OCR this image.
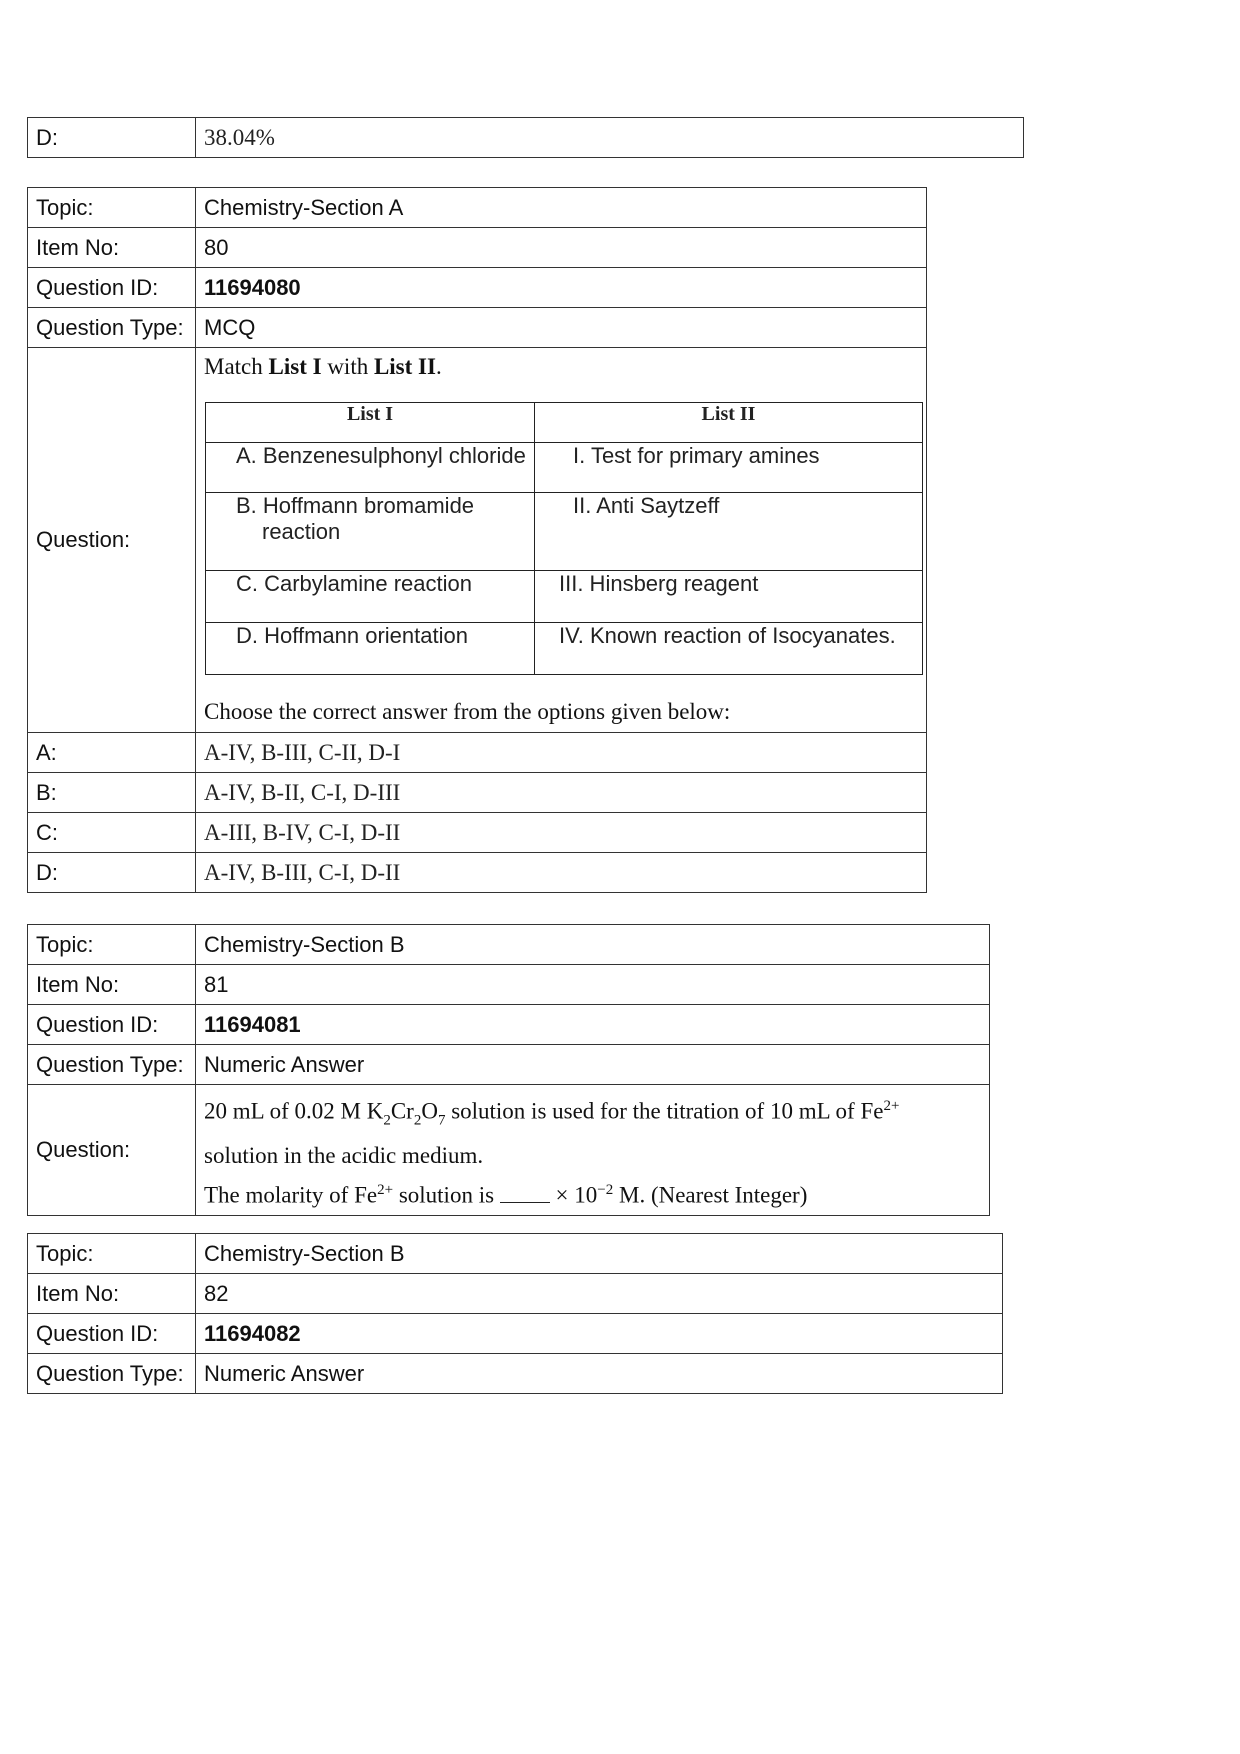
D:	38.04%
Topic:	Chemistry-Section A
Item No:	80
Question ID:	11694080
Question Type:	MCQ
Question:	
Match List I with List II.
List I	List II
A. Benzenesulphonyl chloride	I. Test for primary amines
B. Hoffmann bromamide reaction	II. Anti Saytzeff
C. Carbylamine reaction	III. Hinsberg reagent
D. Hoffmann orientation	IV. Known reaction of Isocyanates.
Choose the correct answer from the options given below:

A:	A-IV, B-III, C-II, D-I
B:	A-IV, B-II, C-I, D-III
C:	A-III, B-IV, C-I, D-II
D:	A-IV, B-III, C-I, D-II
Topic:	Chemistry-Section B
Item No:	81
Question ID:	11694081
Question Type:	Numeric Answer
Question:	20 mL of 0.02 M $K_2Cr_2O_7$ solution is used for the titration of 10 mL of $Fe^{2+}$
solution in the acidic medium.
The molarity of $Fe^{2+}$ solution is  × $10^{-2}$ M. (Nearest Integer)
Topic:	Chemistry-Section B
Item No:	82
Question ID:	11694082
Question Type:	Numeric Answer
